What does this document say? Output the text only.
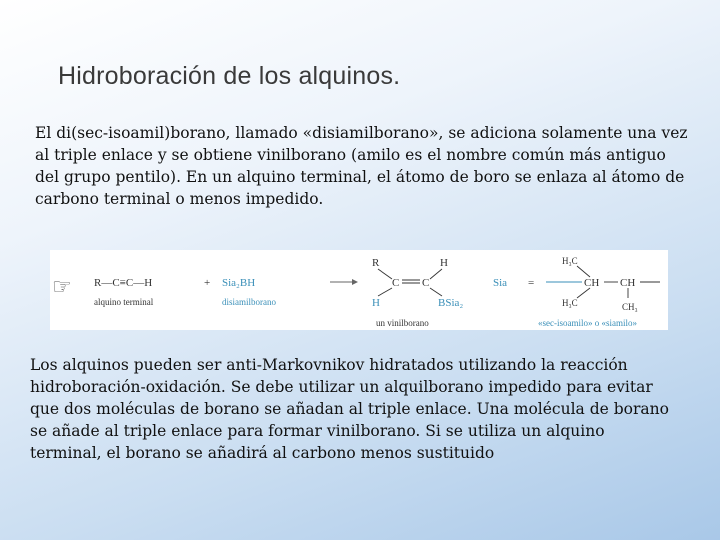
Hidroboración de los alquinos.

El di(sec-isoamil)borano, llamado «disiamilborano», se adiciona solamente una vez al triple enlace y se obtiene vinilborano (amilo es el nombre común más antiguo del grupo pentilo). En un alquino terminal, el átomo de boro se enlaza al átomo de carbono terminal o menos impedido.

☞ R—C≡C—H
alquino terminal
+ Sia₂BH
disiamilborano
R	H
C C
H	BSia₂
un vinilborano
Sia =
H₃C
CH CH
H₃C	CH₃
«sec-isoamilo» o «siamilo»

Los alquinos pueden ser anti-Markovnikov hidratados utilizando la reacción hidroboración-oxidación. Se debe utilizar un alquilborano impedido para evitar que dos moléculas de borano se añadan al triple enlace. Una molécula de borano se añade al triple enlace para formar vinilborano. Si se utiliza un alquino terminal, el borano se añadirá al carbono menos sustituido
